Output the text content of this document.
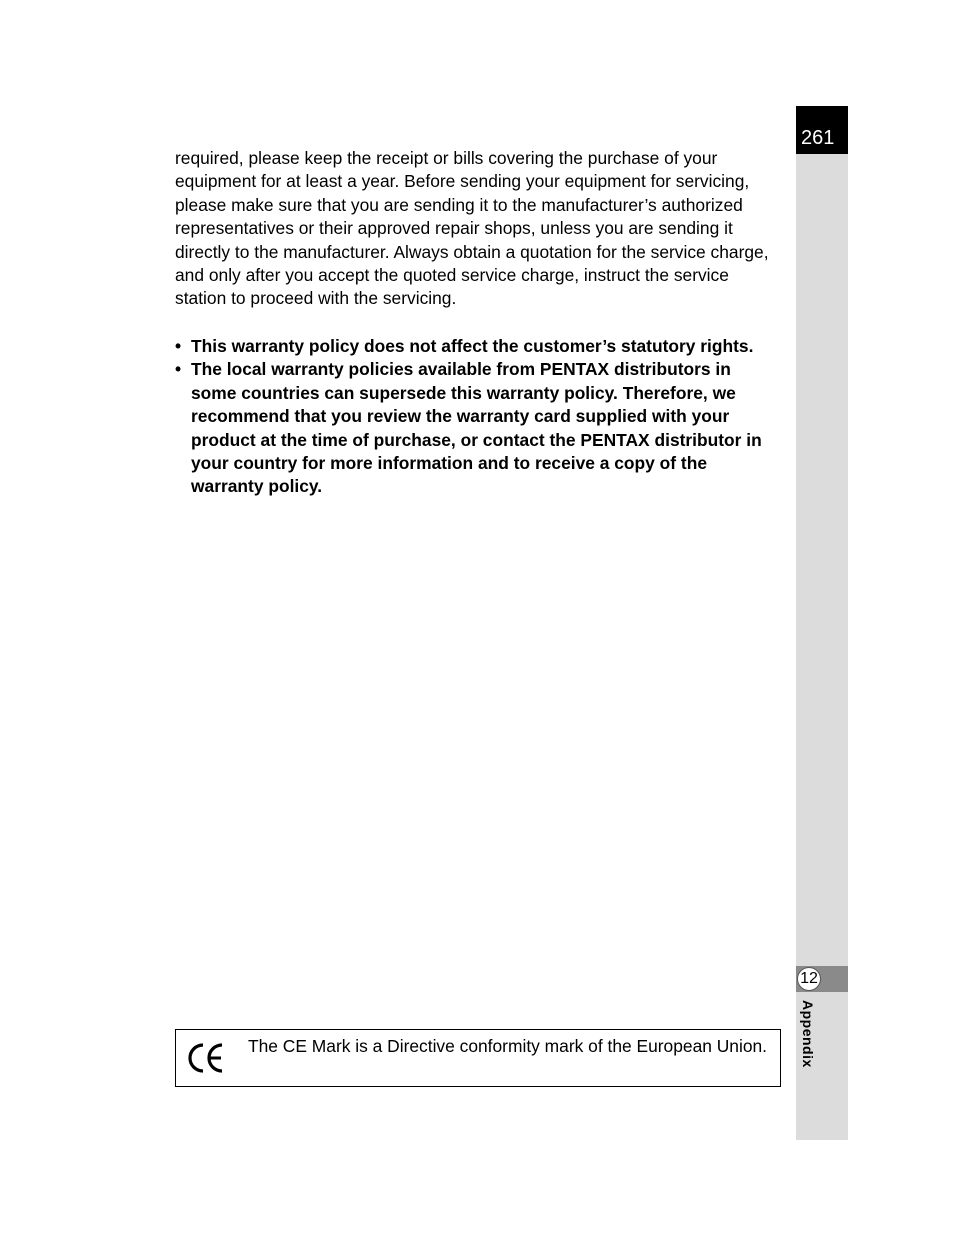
261
12
Appendix

required, please keep the receipt or bills covering the purchase of your equipment for at least a year. Before sending your equipment for servicing, please make sure that you are sending it to the manufacturer’s authorized representatives or their approved repair shops, unless you are sending it directly to the manufacturer. Always obtain a quotation for the service charge, and only after you accept the quoted service charge, instruct the service station to proceed with the servicing.

• This warranty policy does not affect the customer’s statutory rights.
• The local warranty policies available from PENTAX distributors in some countries can supersede this warranty policy. Therefore, we recommend that you review the warranty card supplied with your product at the time of purchase, or contact the PENTAX distributor in your country for more information and to receive a copy of the warranty policy.
The CE Mark is a Directive conformity mark of the European Union.
